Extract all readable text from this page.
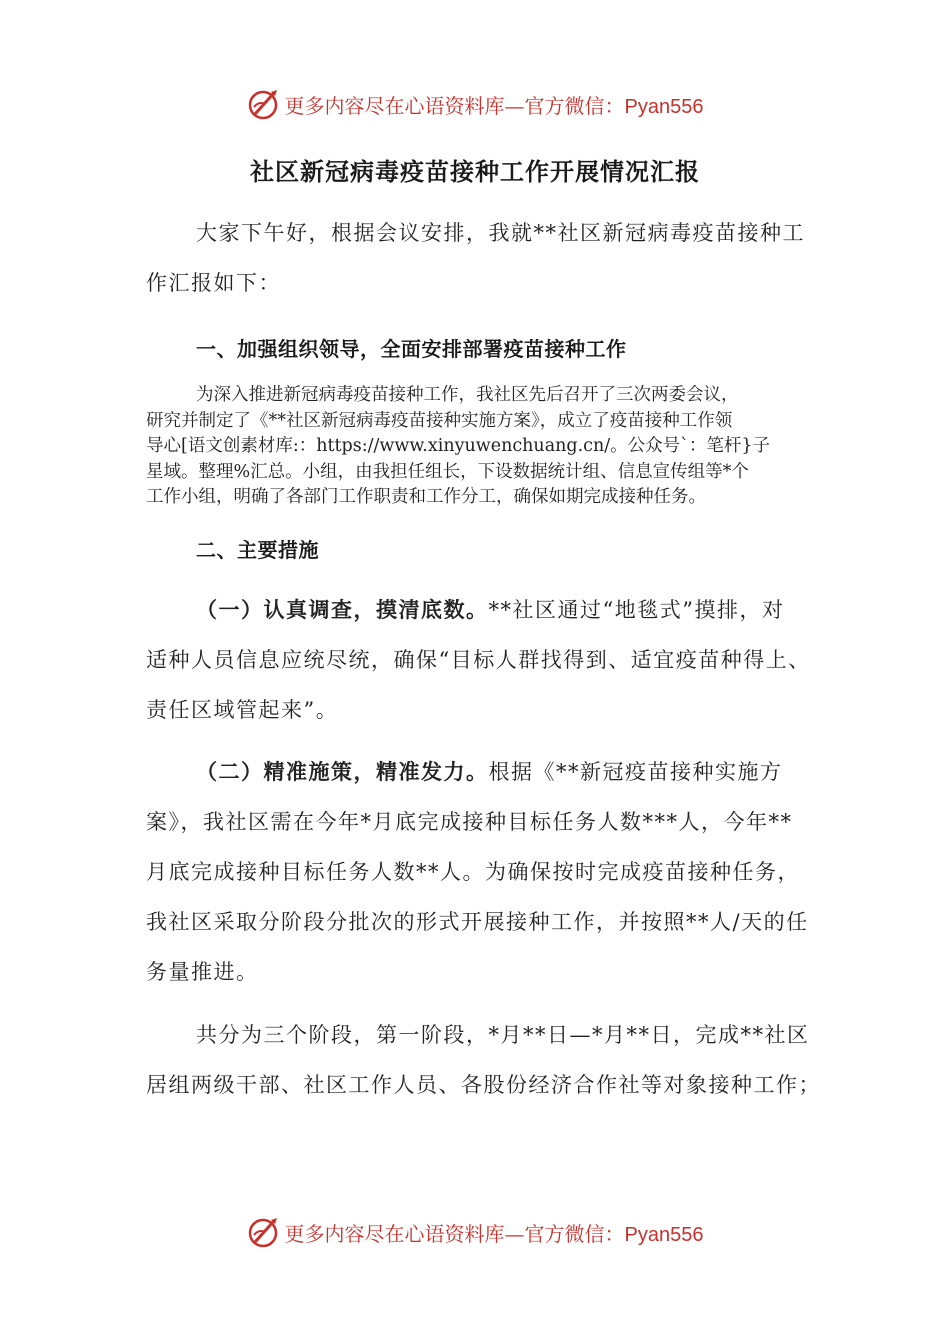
更多内容尽在心语资料库—官方微信：Pyan556
社区新冠病毒疫苗接种工作开展情况汇报
大家下午好，根据会议安排，我就**社区新冠病毒疫苗接种工
作汇报如下：
一、加强组织领导，全面安排部署疫苗接种工作
为深入推进新冠病毒疫苗接种工作，我社区先后召开了三次两委会议，
研究并制定了《**社区新冠病毒疫苗接种实施方案》，成立了疫苗接种工作领
导心[语文创素材库:：https://www.xinyuwenchuang.cn/。公众号`：笔杆}子
星域。整理%汇总。小组，由我担任组长，下设数据统计组、信息宣传组等*个
工作小组，明确了各部门工作职责和工作分工，确保如期完成接种任务。
二、主要措施
（一）认真调查，摸清底数。**社区通过“地毯式”摸排，对
适种人员信息应统尽统，确保“目标人群找得到、适宜疫苗种得上、
责任区域管起来”。
（二）精准施策，精准发力。根据《**新冠疫苗接种实施方
案》，我社区需在今年*月底完成接种目标任务人数***人，今年**
月底完成接种目标任务人数**人。为确保按时完成疫苗接种任务，
我社区采取分阶段分批次的形式开展接种工作，并按照**人/天的任
务量推进。
共分为三个阶段，第一阶段，*月**日—*月**日，完成**社区
居组两级干部、社区工作人员、各股份经济合作社等对象接种工作；
更多内容尽在心语资料库—官方微信：Pyan556
